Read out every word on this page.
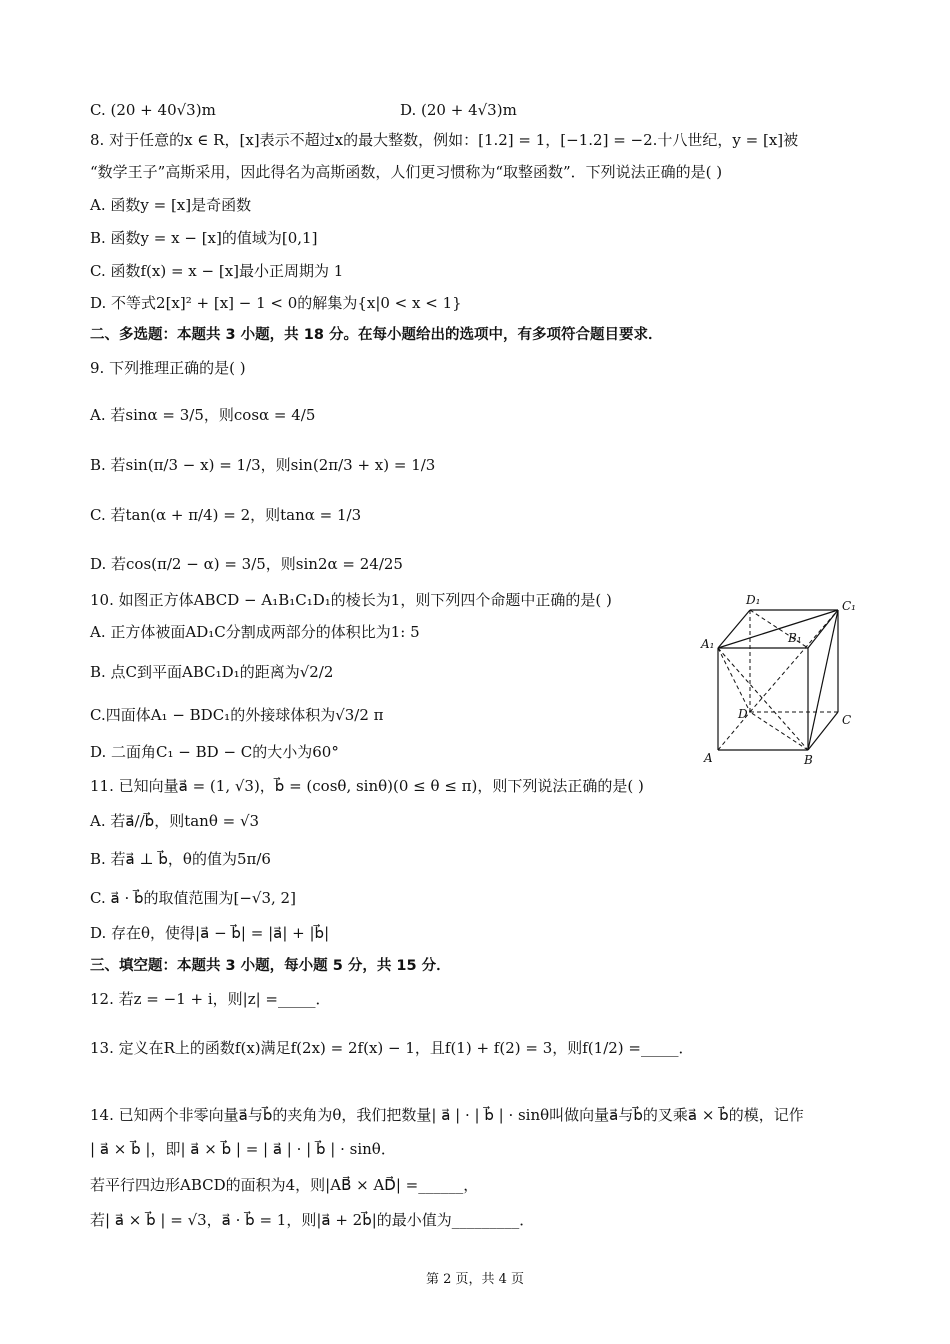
C. (20 + 40√3)m	D. (20 + 4√3)m
8. 对于任意的x ∈ R，[x]表示不超过x的最大整数，例如：[1.2] = 1，[−1.2] = −2.十八世纪，y = [x]被
“数学王子”高斯采用，因此得名为高斯函数，人们更习惯称为“取整函数”．下列说法正确的是( )
A. 函数y = [x]是奇函数
B. 函数y = x − [x]的值域为[0,1]
C. 函数f(x) = x − [x]最小正周期为 1
D. 不等式2[x]² + [x] − 1 < 0的解集为{x|0 < x < 1}
二、多选题：本题共 3 小题，共 18 分。在每小题给出的选项中，有多项符合题目要求．
9. 下列推理正确的是( )
A. 若sinα = 3/5，则cosα = 4/5
B. 若sin(π/3 − x) = 1/3，则sin(2π/3 + x) = 1/3
C. 若tan(α + π/4) = 2，则tanα = 1/3
D. 若cos(π/2 − α) = 3/5，则sin2α = 24/25
10. 如图正方体ABCD − A₁B₁C₁D₁的棱长为1，则下列四个命题中正确的是( )
A. 正方体被面AD₁C分割成两部分的体积比为1: 5
B. 点C到平面ABC₁D₁的距离为√2/2
C.四面体A₁ − BDC₁的外接球体积为√3/2 π
D. 二面角C₁ − BD − C的大小为60°
D₁	C₁
A₁	B₁
D	C
A	B
11. 已知向量a⃗ = (1, √3)，b⃗ = (cosθ, sinθ)(0 ≤ θ ≤ π)，则下列说法正确的是( )
A. 若a⃗//b⃗，则tanθ = √3
B. 若a⃗ ⊥ b⃗，θ的值为5π/6
C. a⃗ · b⃗的取值范围为[−√3, 2]
D. 存在θ，使得|a⃗ − b⃗| = |a⃗| + |b⃗|
三、填空题：本题共 3 小题，每小题 5 分，共 15 分．
12. 若z = −1 + i，则|z| =_____．
13. 定义在R上的函数f(x)满足f(2x) = 2f(x) − 1，且f(1) + f(2) = 3，则f(1/2) =_____．
14. 已知两个非零向量a⃗与b⃗的夹角为θ，我们把数量| a⃗ | · | b⃗ | · sinθ叫做向量a⃗与b⃗的叉乘a⃗ × b⃗的模，记作
| a⃗ × b⃗ |，即| a⃗ × b⃗ | = | a⃗ | · | b⃗ | · sinθ．
若平行四边形ABCD的面积为4，则|AB⃗ × AD⃗| =______，
若| a⃗ × b⃗ | = √3，a⃗ · b⃗ = 1，则|a⃗ + 2b⃗|的最小值为_________．
第 2 页，共 4 页
